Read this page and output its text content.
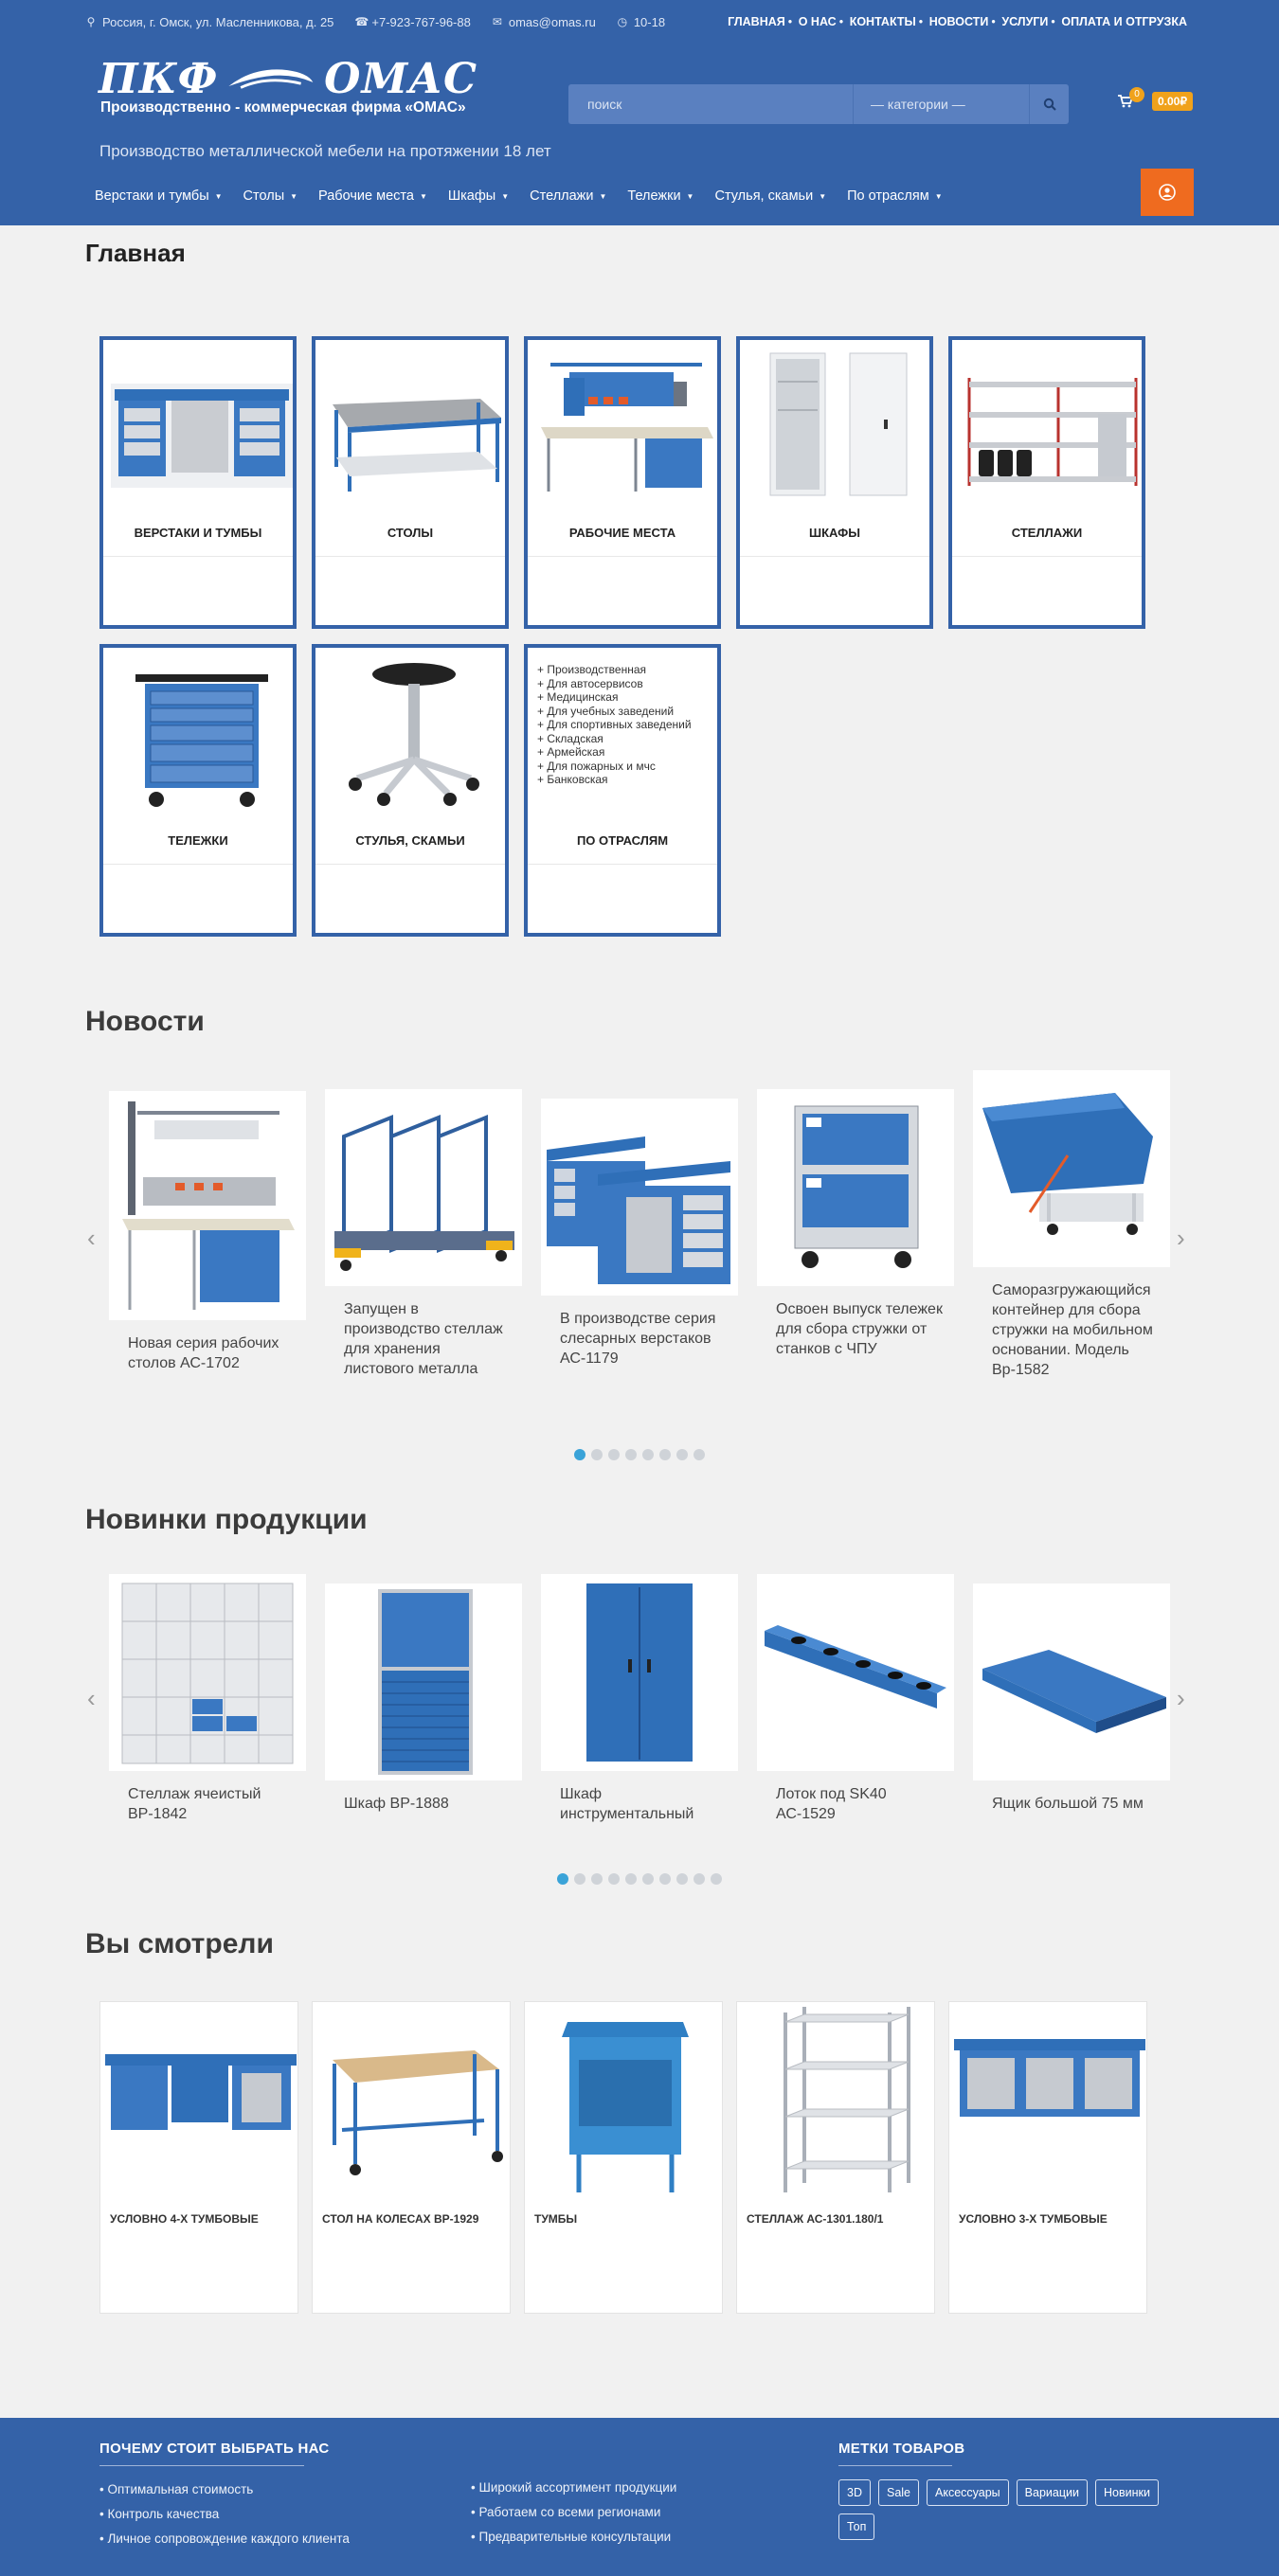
⚲ Россия, г. Омск, ул. Масленникова, д. 25 ☎ +7-923-767-96-88 ✉ omas@omas.ru ◷ 10-18	ГЛАВНАЯ	• О НАС	• КОНТАКТЫ	• НОВОСТИ	• УСЛУГИ	• ОПЛАТА И ОТГРУЗКА
ПКФ	ОМАС
Производственно - коммерческая фирма «ОМАС»
Производство металлической мебели на протяжении 18 лет
поиск	— категории —
0
0.00₽
Верстаки и тумбы ▼ Столы ▼ Рабочие места ▼ Шкафы ▼ Стеллажи ▼ Тележки ▼ Стулья, скамьи ▼ По отраслям ▼
Главная
ВЕРСТАКИ И ТУМБЫ	СТОЛЫ	РАБОЧИЕ МЕСТА	ШКАФЫ	СТЕЛЛАЖИ
ТЕЛЕЖКИ	СТУЛЬЯ, СКАМЬИ
+ Производственная
+ Для автосервисов
+ Медицинская
+ Для учебных заведений
+ Для спортивных заведений
+ Складская
+ Армейская
+ Для пожарных и мчс
+ Банковская
ПО ОТРАСЛЯМ
Новости
‹	›
Новая серия рабочих столов АС-1702
Запущен в производство стеллаж для хранения листового металла
В производстве серия слесарных верстаков АС-1179
Освоен выпуск тележек для сбора стружки от станков с ЧПУ
Саморазгружающийся контейнер для сбора стружки на мобильном основании. Модель Вр-1582
Новинки продукции
‹	›
Стеллаж ячеистый ВР-1842
Шкаф ВР-1888
Шкаф инструментальный
Лоток под SK40 АС-1529
Ящик большой 75 мм
Вы смотрели
УСЛОВНО 4-Х ТУМБОВЫЕ	СТОЛ НА КОЛЕСАХ ВР-1929	ТУМБЫ	СТЕЛЛАЖ АС-1301.180/1	УСЛОВНО 3-Х ТУМБОВЫЕ
ПОЧЕМУ СТОИТ ВЫБРАТЬ НАС
• Оптимальная стоимость
• Контроль качества
• Личное сопровождение каждого клиента
• Широкий ассортимент продукции
• Работаем со всеми регионами
• Предварительные консультации
МЕТКИ ТОВАРОВ
3D	Sale	Аксессуары	Вариации	Новинки
Топ
